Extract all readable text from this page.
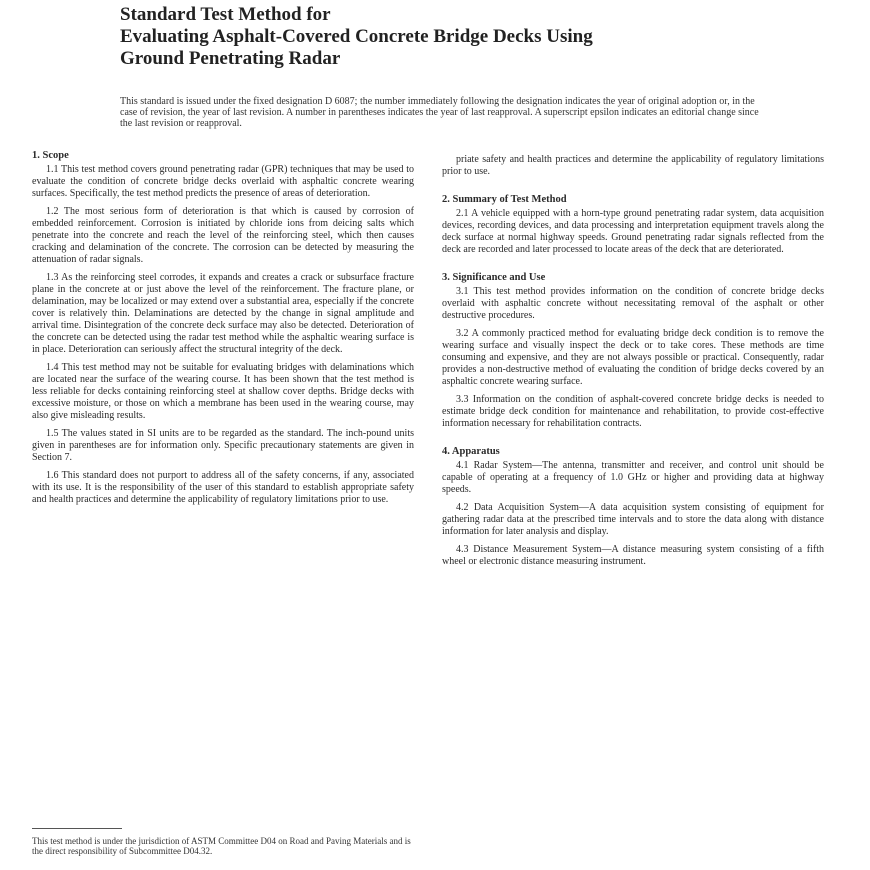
Standard Test Method for
Evaluating Asphalt-Covered Concrete Bridge Decks Using
Ground Penetrating Radar
This standard is issued under the fixed designation D 6087; the number immediately following the designation indicates the year of original adoption or, in the case of revision, the year of last revision. A number in parentheses indicates the year of last reapproval. A superscript epsilon indicates an editorial change since the last revision or reapproval.
1. Scope
1.1 This test method covers ground penetrating radar (GPR) techniques that may be used to evaluate the condition of concrete bridge decks overlaid with asphaltic concrete wearing surfaces. Specifically, the test method predicts the presence of areas of deterioration.
1.2 The most serious form of deterioration is that which is caused by corrosion of embedded reinforcement. Corrosion is initiated by chloride ions from deicing salts which penetrate into the concrete and reach the level of the reinforcing steel, which then causes cracking and delamination of the concrete. The corrosion can be detected by measuring the attenuation of radar signals.
1.3 As the reinforcing steel corrodes, it expands and creates a crack or subsurface fracture plane in the concrete at or just above the level of the reinforcement. The fracture plane, or delamination, may be localized or may extend over a substantial area, especially if the concrete cover is relatively thin. Delaminations are detected by the change in signal amplitude and arrival time. Disintegration of the concrete deck surface may also be detected. Deterioration of the concrete can be detected using the radar test method while the asphaltic wearing surface is in place. Deterioration can seriously affect the structural integrity of the deck.
1.4 This test method may not be suitable for evaluating bridges with delaminations which are located near the surface of the wearing course. It has been shown that the test method is less reliable for decks containing reinforcing steel at shallow cover depths. Bridge decks with excessive moisture, or those on which a membrane has been used in the wearing course, may also give misleading results.
1.5 The values stated in SI units are to be regarded as the standard. The inch-pound units given in parentheses are for information only. Specific precautionary statements are given in Section 7.
1.6 This standard does not purport to address all of the safety concerns, if any, associated with its use. It is the responsibility of the user of this standard to establish appropriate safety and health practices and determine the applicability of regulatory limitations prior to use.
priate safety and health practices and determine the applicability of regulatory limitations prior to use.
2. Summary of Test Method
2.1 A vehicle equipped with a horn-type ground penetrating radar system, data acquisition devices, recording devices, and data processing and interpretation equipment travels along the deck surface at normal highway speeds. Ground penetrating radar signals reflected from the deck are recorded and later processed to locate areas of the deck that are deteriorated.
3. Significance and Use
3.1 This test method provides information on the condition of concrete bridge decks overlaid with asphaltic concrete without necessitating removal of the asphalt or other destructive procedures.
3.2 A commonly practiced method for evaluating bridge deck condition is to remove the wearing surface and visually inspect the deck or to take cores. These methods are time consuming and expensive, and they are not always possible or practical. Consequently, radar provides a non-destructive method of evaluating the condition of bridge decks covered by an asphaltic concrete wearing surface.
3.3 Information on the condition of asphalt-covered concrete bridge decks is needed to estimate bridge deck condition for maintenance and rehabilitation, to provide cost-effective information necessary for rehabilitation contracts.
4. Apparatus
4.1 Radar System—The antenna, transmitter and receiver, and control unit should be capable of operating at a frequency of 1.0 GHz or higher and providing data at highway speeds.
4.2 Data Acquisition System—A data acquisition system consisting of equipment for gathering radar data at the prescribed time intervals and to store the data along with distance information for later analysis and display.
4.3 Distance Measurement System—A distance measuring system consisting of a fifth wheel or electronic distance measuring instrument.
This test method is under the jurisdiction of ASTM Committee D04 on Road and Paving Materials and is the direct responsibility of Subcommittee D04.32.
